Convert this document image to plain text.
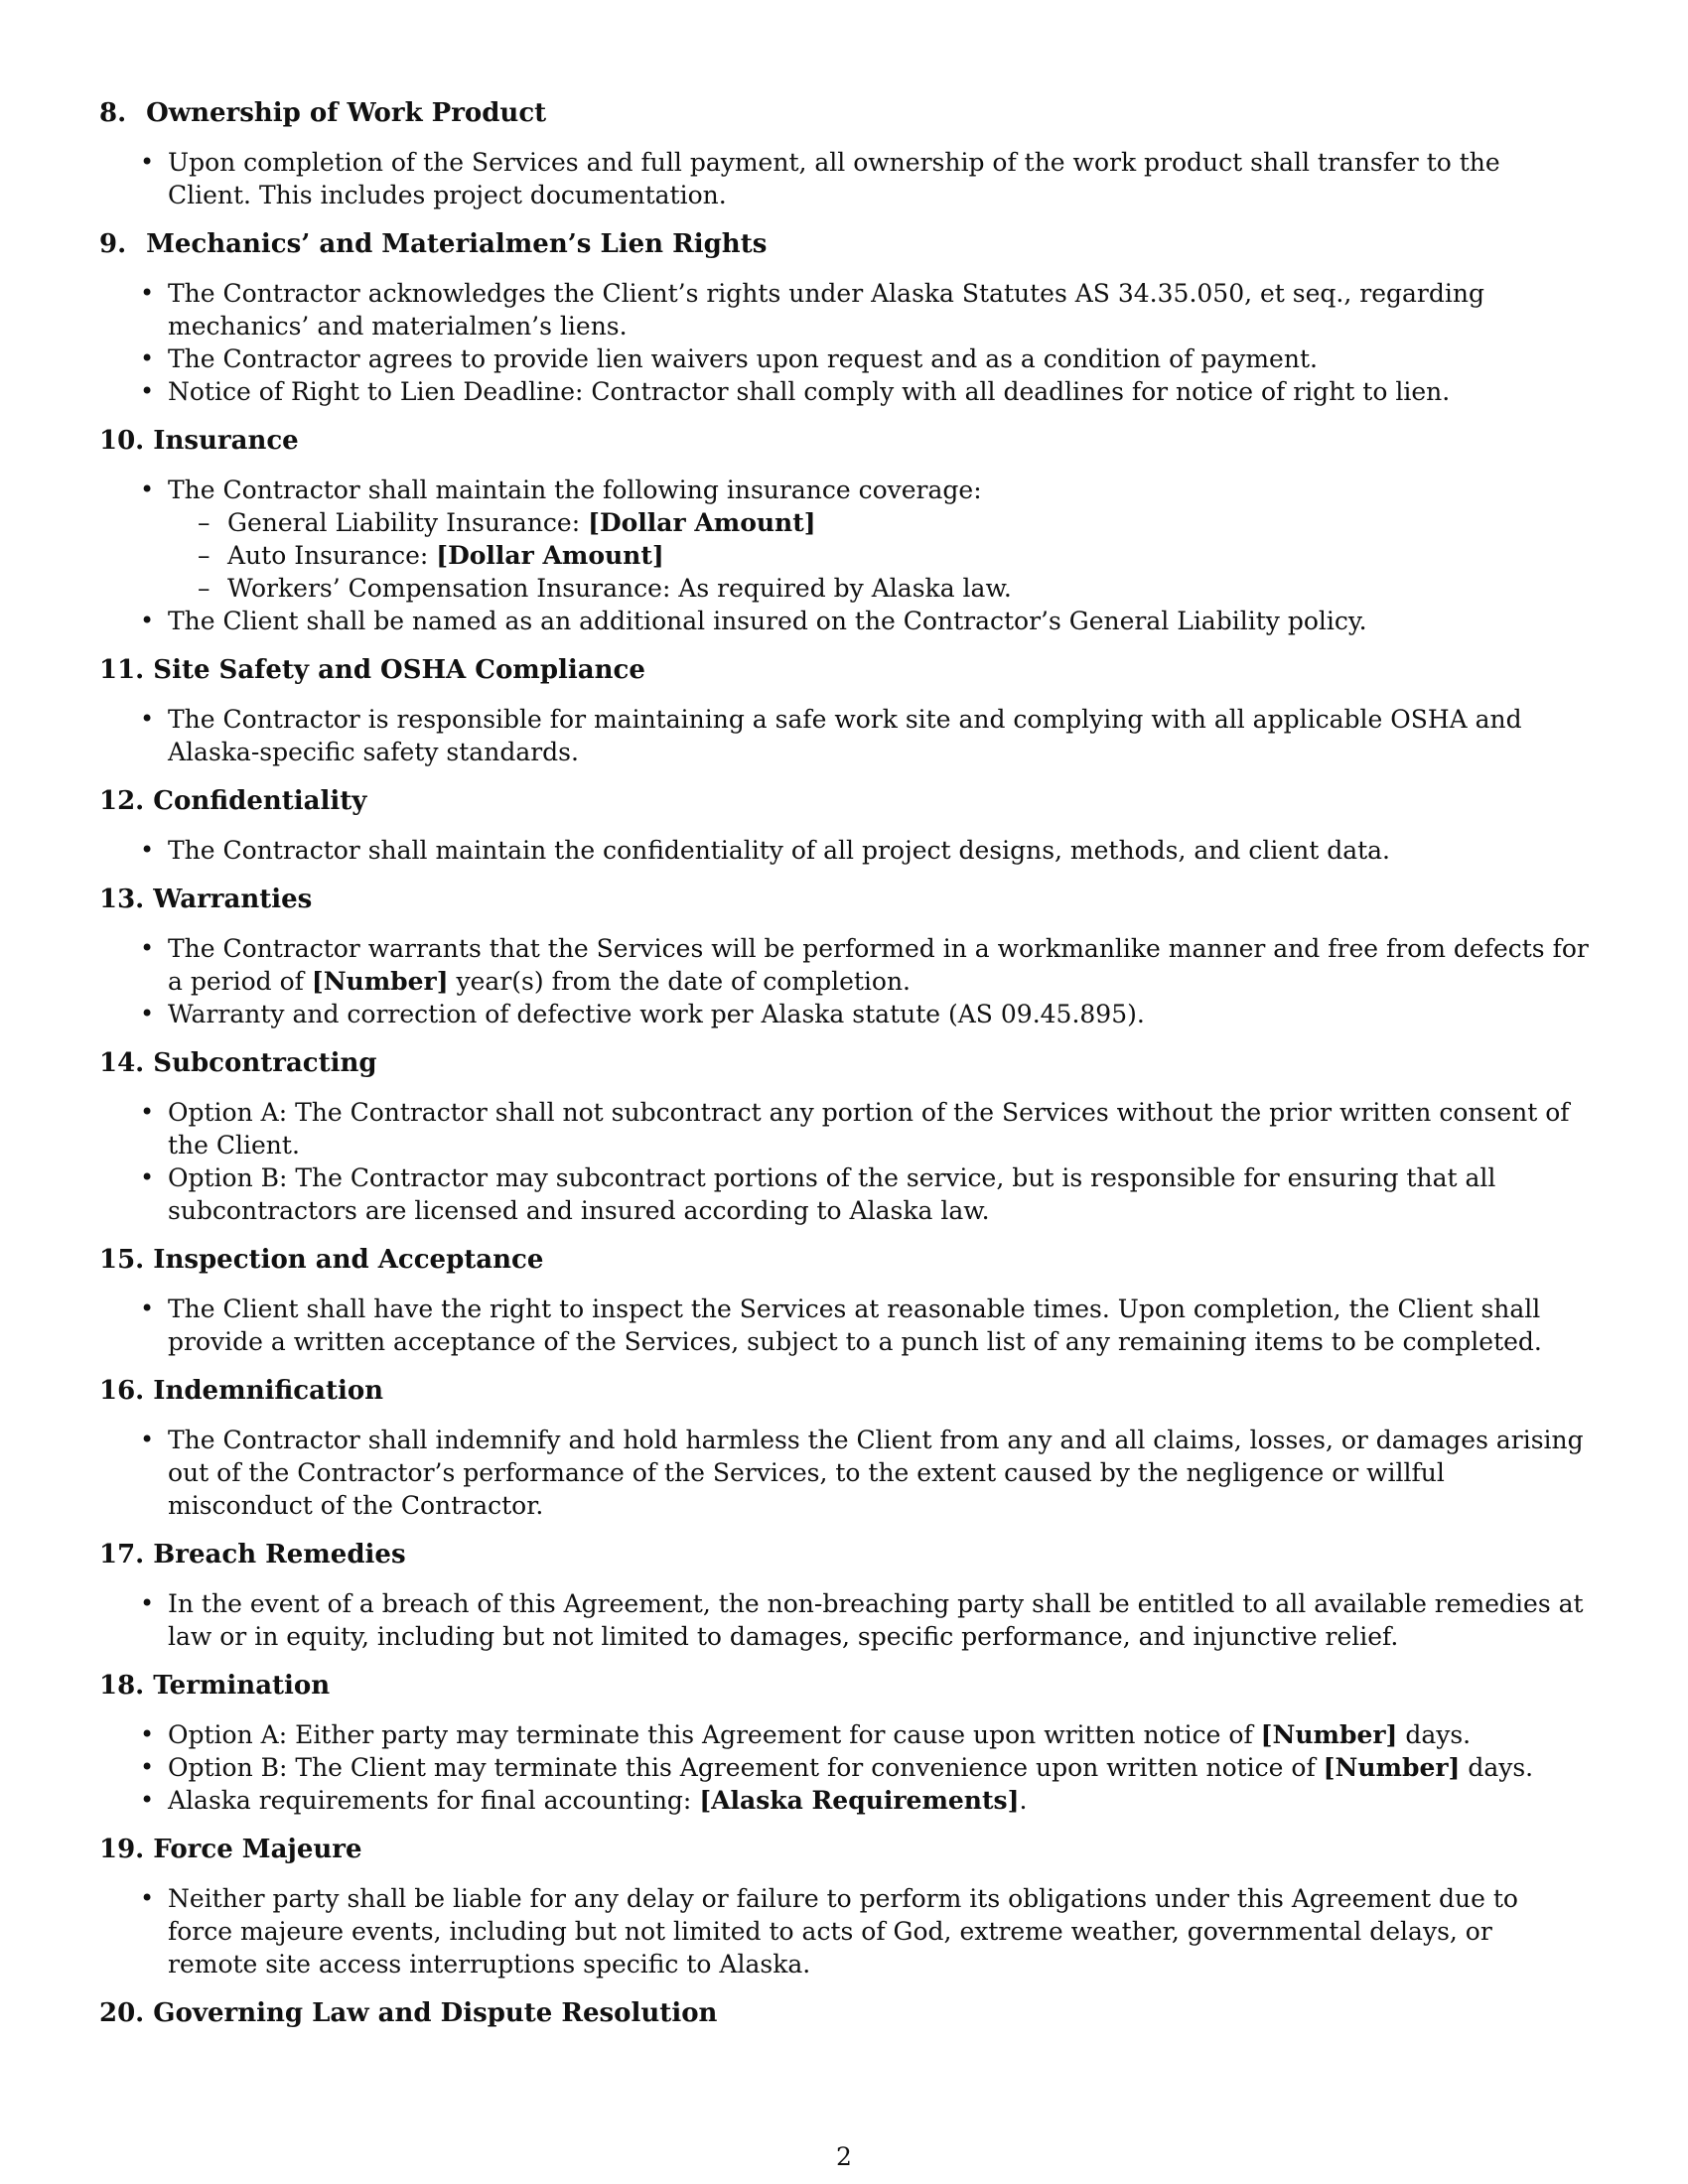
8. Ownership of Work Product
• Upon completion of the Services and full payment, all ownership of the work product shall transfer to the Client. This includes project documentation.
9. Mechanics’ and Materialmen’s Lien Rights
• The Contractor acknowledges the Client’s rights under Alaska Statutes AS 34.35.050, et seq., regarding mechanics’ and materialmen’s liens.
• The Contractor agrees to provide lien waivers upon request and as a condition of payment.
• Notice of Right to Lien Deadline: Contractor shall comply with all deadlines for notice of right to lien.
10. Insurance
• The Contractor shall maintain the following insurance coverage:
– General Liability Insurance: [Dollar Amount]
– Auto Insurance: [Dollar Amount]
– Workers’ Compensation Insurance: As required by Alaska law.
• The Client shall be named as an additional insured on the Contractor’s General Liability policy.
11. Site Safety and OSHA Compliance
• The Contractor is responsible for maintaining a safe work site and complying with all applicable OSHA and Alaska-specific safety standards.
12. Confidentiality
• The Contractor shall maintain the confidentiality of all project designs, methods, and client data.
13. Warranties
• The Contractor warrants that the Services will be performed in a workmanlike manner and free from defects for a period of [Number] year(s) from the date of completion.
• Warranty and correction of defective work per Alaska statute (AS 09.45.895).
14. Subcontracting
• Option A: The Contractor shall not subcontract any portion of the Services without the prior written consent of the Client.
• Option B: The Contractor may subcontract portions of the service, but is responsible for ensuring that all subcontractors are licensed and insured according to Alaska law.
15. Inspection and Acceptance
• The Client shall have the right to inspect the Services at reasonable times. Upon completion, the Client shall provide a written acceptance of the Services, subject to a punch list of any remaining items to be completed.
16. Indemnification
• The Contractor shall indemnify and hold harmless the Client from any and all claims, losses, or damages arising out of the Contractor’s performance of the Services, to the extent caused by the negligence or willful misconduct of the Contractor.
17. Breach Remedies
• In the event of a breach of this Agreement, the non-breaching party shall be entitled to all available remedies at law or in equity, including but not limited to damages, specific performance, and injunctive relief.
18. Termination
• Option A: Either party may terminate this Agreement for cause upon written notice of [Number] days.
• Option B: The Client may terminate this Agreement for convenience upon written notice of [Number] days.
• Alaska requirements for final accounting: [Alaska Requirements].
19. Force Majeure
• Neither party shall be liable for any delay or failure to perform its obligations under this Agreement due to force majeure events, including but not limited to acts of God, extreme weather, governmental delays, or remote site access interruptions specific to Alaska.
20. Governing Law and Dispute Resolution
2
